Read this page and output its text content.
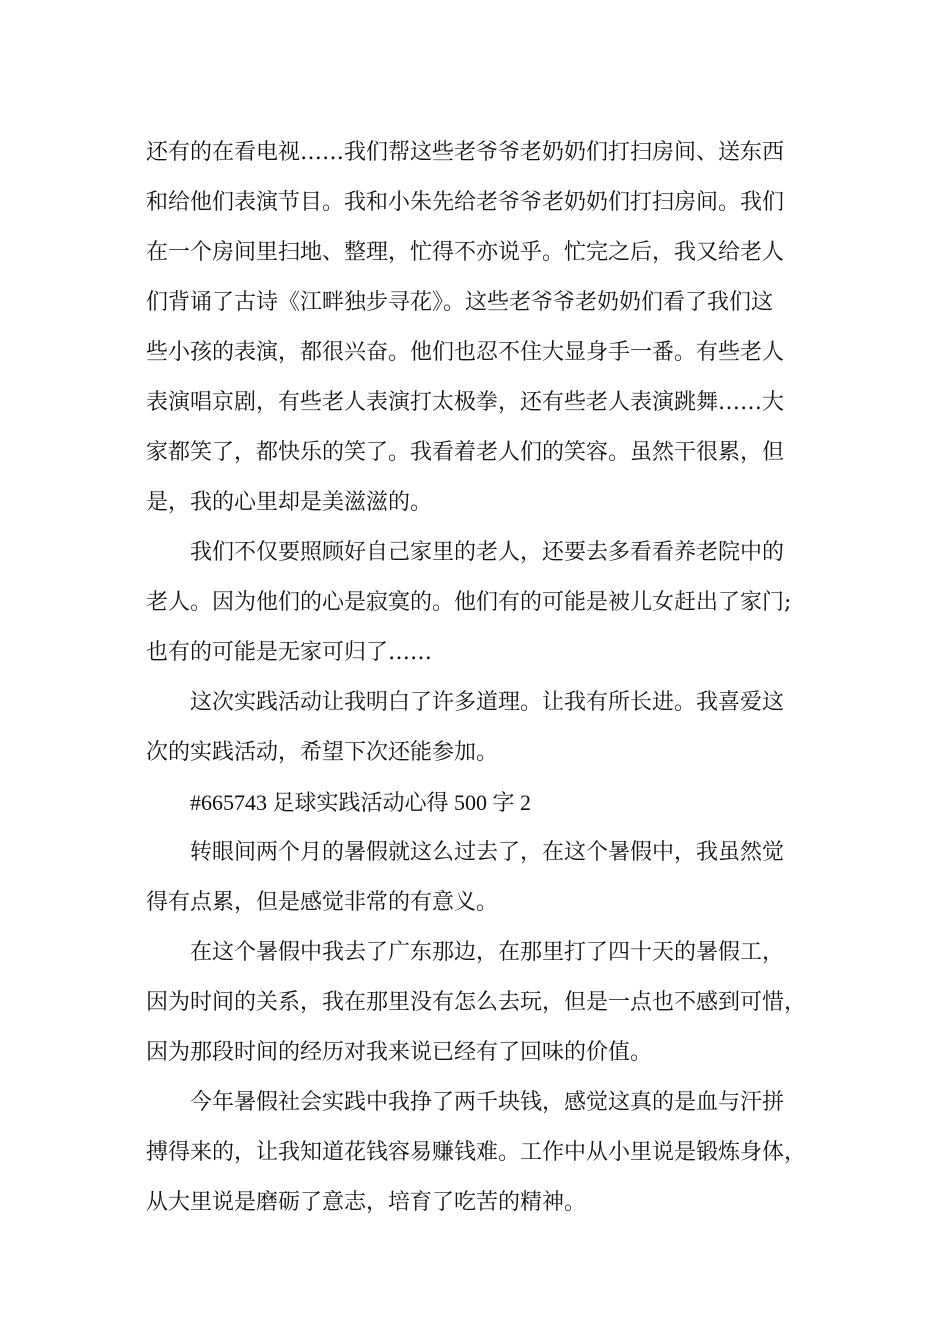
还有的在看电视……我们帮这些老爷爷老奶奶们打扫房间、送东西
和给他们表演节目。我和小朱先给老爷爷老奶奶们打扫房间。我们
在一个房间里扫地、整理，忙得不亦说乎。忙完之后，我又给老人
们背诵了古诗《江畔独步寻花》。这些老爷爷老奶奶们看了我们这
些小孩的表演，都很兴奋。他们也忍不住大显身手一番。有些老人
表演唱京剧，有些老人表演打太极拳，还有些老人表演跳舞……大
家都笑了，都快乐的笑了。我看着老人们的笑容。虽然干很累，但
是，我的心里却是美滋滋的。
我们不仅要照顾好自己家里的老人，还要去多看看养老院中的
老人。因为他们的心是寂寞的。他们有的可能是被儿女赶出了家门;
也有的可能是无家可归了……
这次实践活动让我明白了许多道理。让我有所长进。我喜爱这
次的实践活动，希望下次还能参加。
#665743 足球实践活动心得 500 字 2
转眼间两个月的暑假就这么过去了，在这个暑假中，我虽然觉
得有点累，但是感觉非常的有意义。
在这个暑假中我去了广东那边，在那里打了四十天的暑假工，
因为时间的关系，我在那里没有怎么去玩，但是一点也不感到可惜，
因为那段时间的经历对我来说已经有了回味的价值。
今年暑假社会实践中我挣了两千块钱，感觉这真的是血与汗拼
搏得来的，让我知道花钱容易赚钱难。工作中从小里说是锻炼身体，
从大里说是磨砺了意志，培育了吃苦的精神。
